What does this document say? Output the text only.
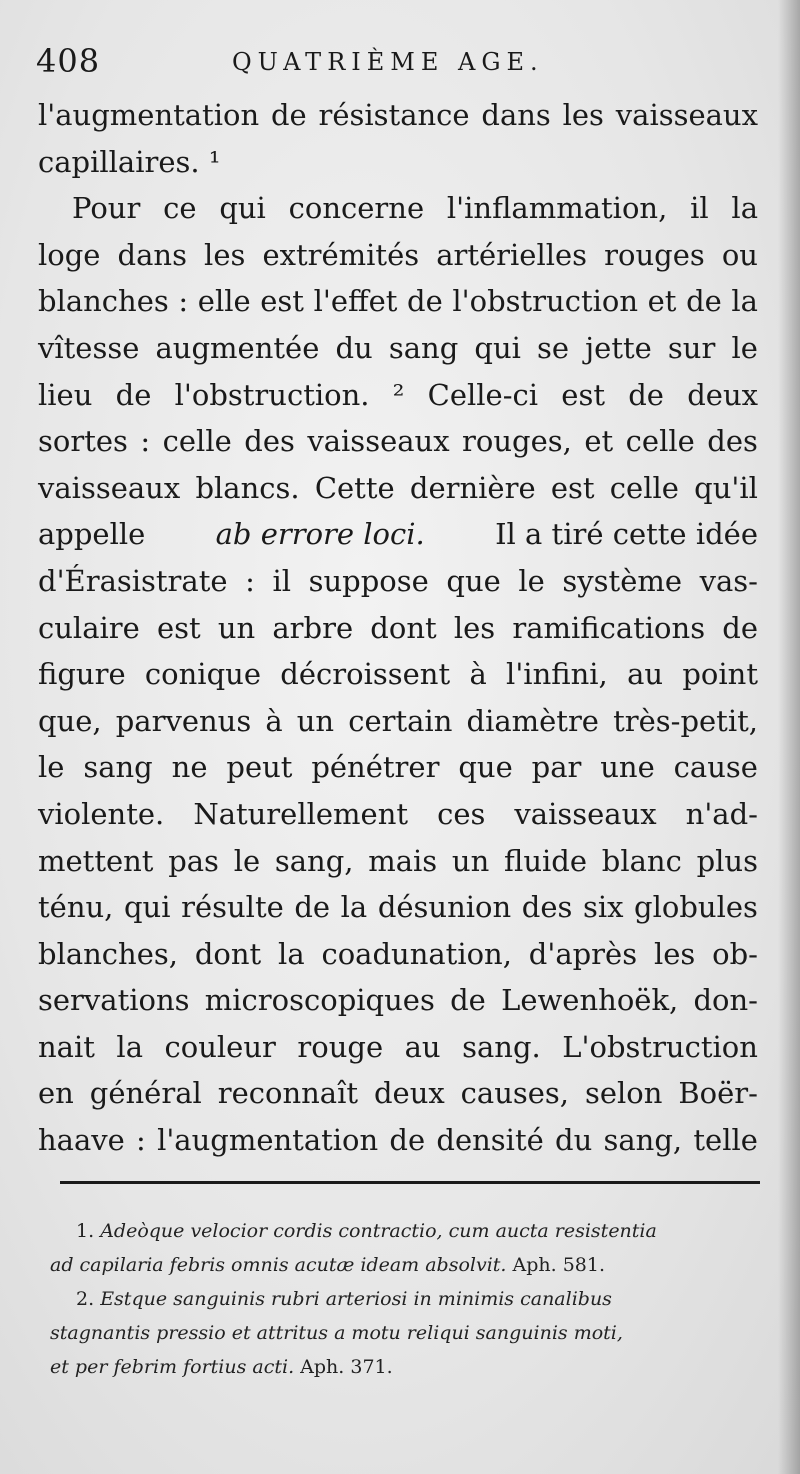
408	QUATRIÈME AGE.
l'augmentation de résistance dans les vaisseaux
capillaires. ¹
Pour ce qui concerne l'inflammation, il la
loge dans les extrémités artérielles rouges ou
blanches : elle est l'effet de l'obstruction et de la
vîtesse augmentée du sang qui se jette sur le
lieu de l'obstruction. ² Celle-ci est de deux
sortes : celle des vaisseaux rouges, et celle des
vaisseaux blancs. Cette dernière est celle qu'il
appelle ab errore loci. Il a tiré cette idée
d'Érasistrate : il suppose que le système vas-
culaire est un arbre dont les ramifications de
figure conique décroissent à l'infini, au point
que, parvenus à un certain diamètre très-petit,
le sang ne peut pénétrer que par une cause
violente. Naturellement ces vaisseaux n'ad-
mettent pas le sang, mais un fluide blanc plus
ténu, qui résulte de la désunion des six globules
blanches, dont la coadunation, d'après les ob-
servations microscopiques de Lewenhoëk, don-
nait la couleur rouge au sang. L'obstruction
en général reconnaît deux causes, selon Boër-
haave : l'augmentation de densité du sang, telle
1. Adeòque velocior cordis contractio, cum aucta resistentia
ad capilaria febris omnis acutæ ideam absolvit. Aph. 581.
2. Estque sanguinis rubri arteriosi in minimis canalibus
stagnantis pressio et attritus a motu reliqui sanguinis moti,
et per febrim fortius acti. Aph. 371.
